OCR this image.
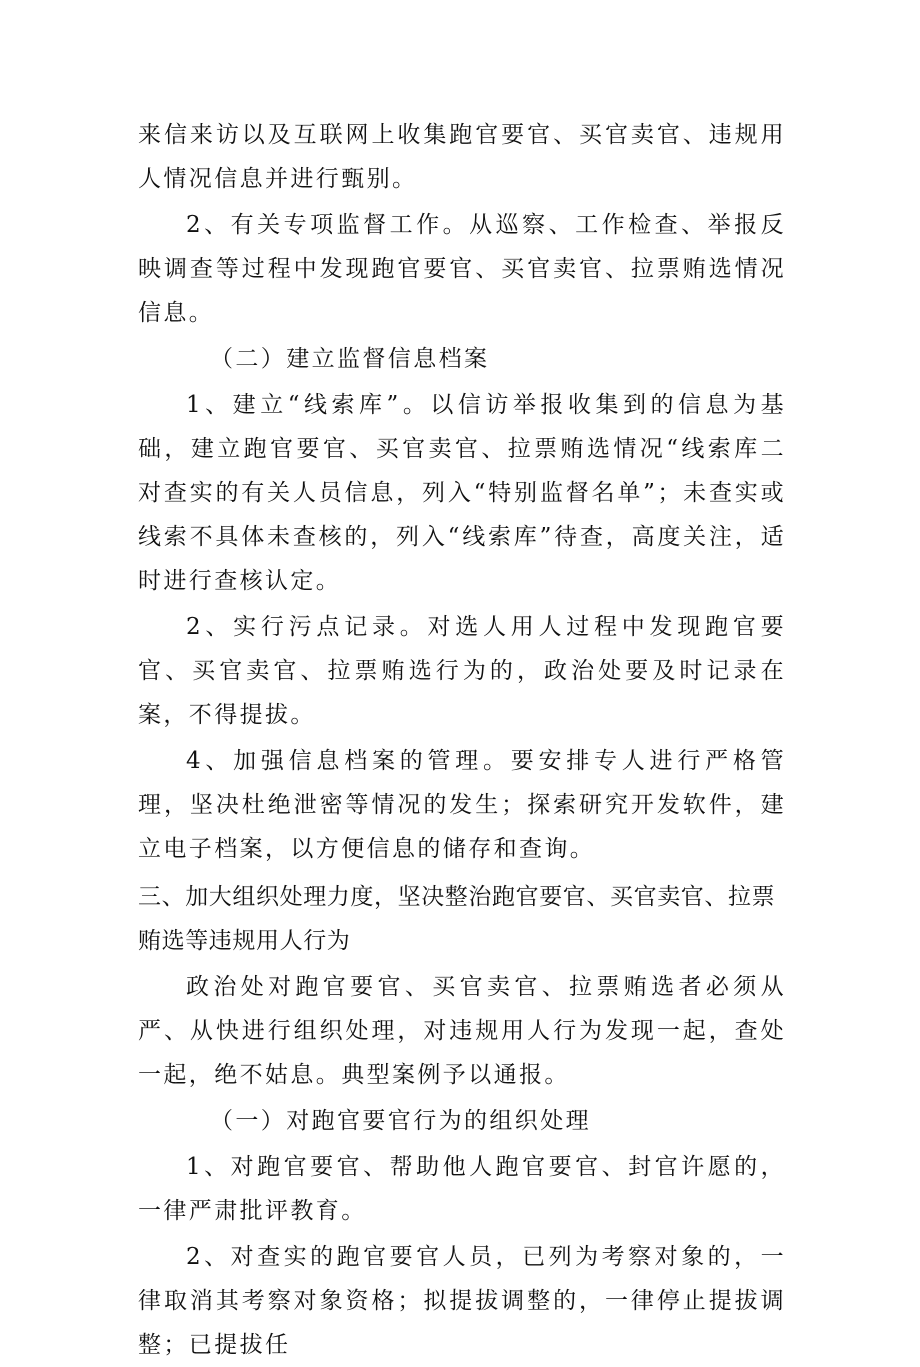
来信来访以及互联网上收集跑官要官、买官卖官、违规用人情况信息并进行甄别。

2、有关专项监督工作。从巡察、工作检查、举报反映调查等过程中发现跑官要官、买官卖官、拉票贿选情况信息。

（二）建立监督信息档案

1、建立“线索库”。以信访举报收集到的信息为基础，建立跑官要官、买官卖官、拉票贿选情况“线索库二对查实的有关人员信息，列入“特别监督名单”；未查实或线索不具体未查核的，列入“线索库”待查，高度关注，适时进行查核认定。

2、实行污点记录。对选人用人过程中发现跑官要官、买官卖官、拉票贿选行为的，政治处要及时记录在案，不得提拔。

4、加强信息档案的管理。要安排专人进行严格管理，坚决杜绝泄密等情况的发生；探索研究开发软件，建立电子档案，以方便信息的储存和查询。

三、加大组织处理力度，坚决整治跑官要官、买官卖官、拉票贿选等违规用人行为

政治处对跑官要官、买官卖官、拉票贿选者必须从严、从快进行组织处理，对违规用人行为发现一起，查处一起，绝不姑息。典型案例予以通报。

（一）对跑官要官行为的组织处理

1、对跑官要官、帮助他人跑官要官、封官许愿的，一律严肃批评教育。

2、对查实的跑官要官人员，已列为考察对象的，一律取消其考察对象资格；拟提拔调整的，一律停止提拔调整；已提拔任
